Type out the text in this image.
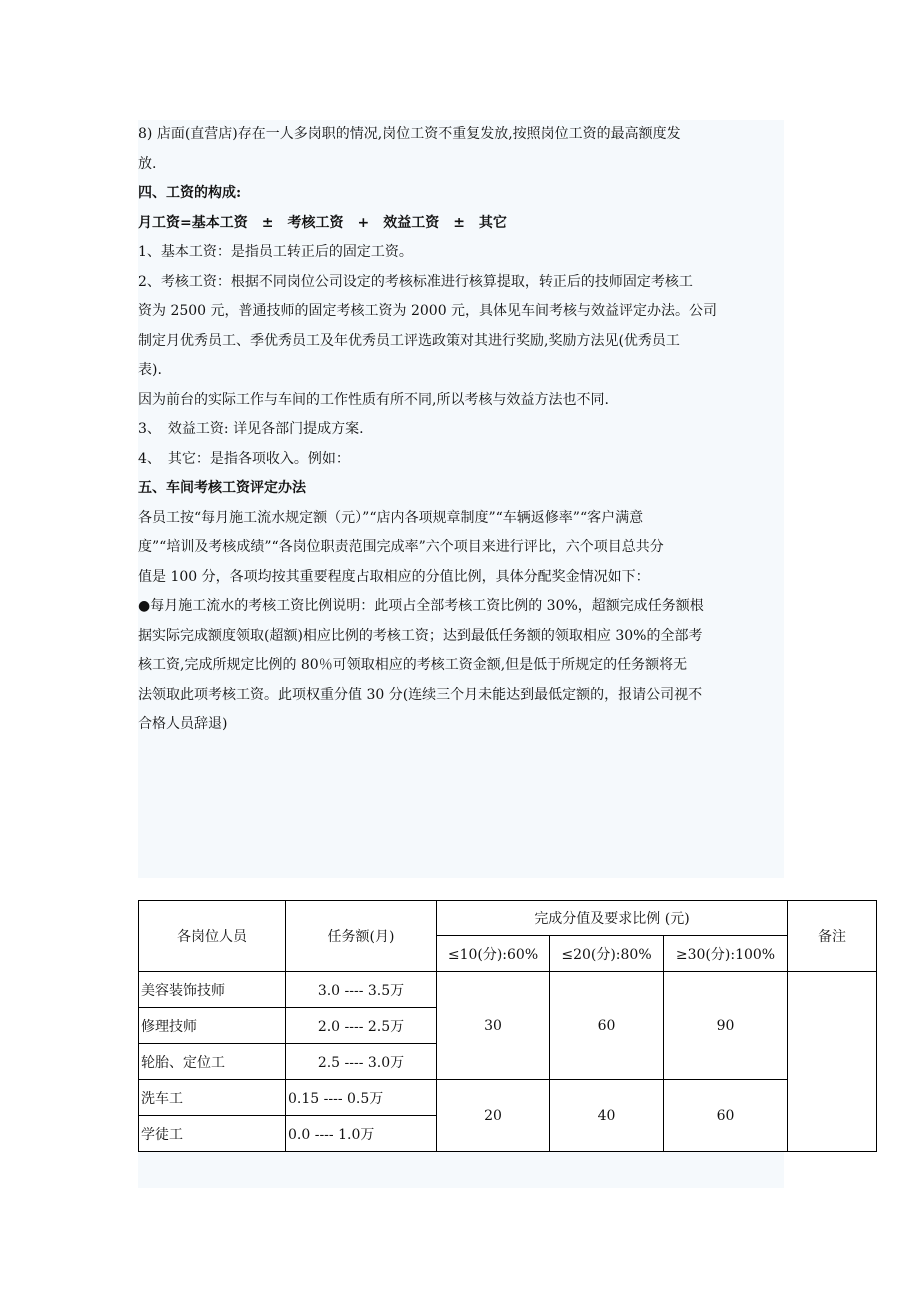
8) 店面(直营店)存在一人多岗职的情况,岗位工资不重复发放,按照岗位工资的最高额度发
放.
四、工资的构成:
月工资=基本工资　±　考核工资　+　效益工资　±　其它
1、基本工资：是指员工转正后的固定工资。
2、考核工资：根据不同岗位公司设定的考核标准进行核算提取，转正后的技师固定考核工
资为 2500 元，普通技师的固定考核工资为 2000 元，具体见车间考核与效益评定办法。公司
制定月优秀员工、季优秀员工及年优秀员工评选政策对其进行奖励,奖励方法见(优秀员工
表).
因为前台的实际工作与车间的工作性质有所不同,所以考核与效益方法也不同.
3、　效益工资: 详见各部门提成方案.
4、　其它：是指各项收入。例如：
五、车间考核工资评定办法
各员工按“每月施工流水规定额（元）”“店内各项规章制度”“车辆返修率”“客户满意
度”“培训及考核成绩”“各岗位职责范围完成率”六个项目来进行评比，六个项目总共分
值是 100 分，各项均按其重要程度占取相应的分值比例，具体分配奖金情况如下：
●每月施工流水的考核工资比例说明：此项占全部考核工资比例的 30%，超额完成任务额根
据实际完成额度领取(超额)相应比例的考核工资；达到最低任务额的领取相应 30%的全部考
核工资,完成所规定比例的 80％可领取相应的考核工资金额,但是低于所规定的任务额将无
法领取此项考核工资。此项权重分值 30 分(连续三个月未能达到最低定额的，报请公司视不
合格人员辞退)
各岗位人员	任务额(月)	完成分值及要求比例 (元)			备注
		≤10(分):60%	≤20(分):80%	≥30(分):100%	
美容装饰技师	3.0 ---- 3.5万	30	60	90	
修理技师	2.0 ---- 2.5万				
轮胎、定位工	2.5 ---- 3.0万				
洗车工	0.15 ---- 0.5万	20	40	60	
学徒工	0.0 ---- 1.0万				
